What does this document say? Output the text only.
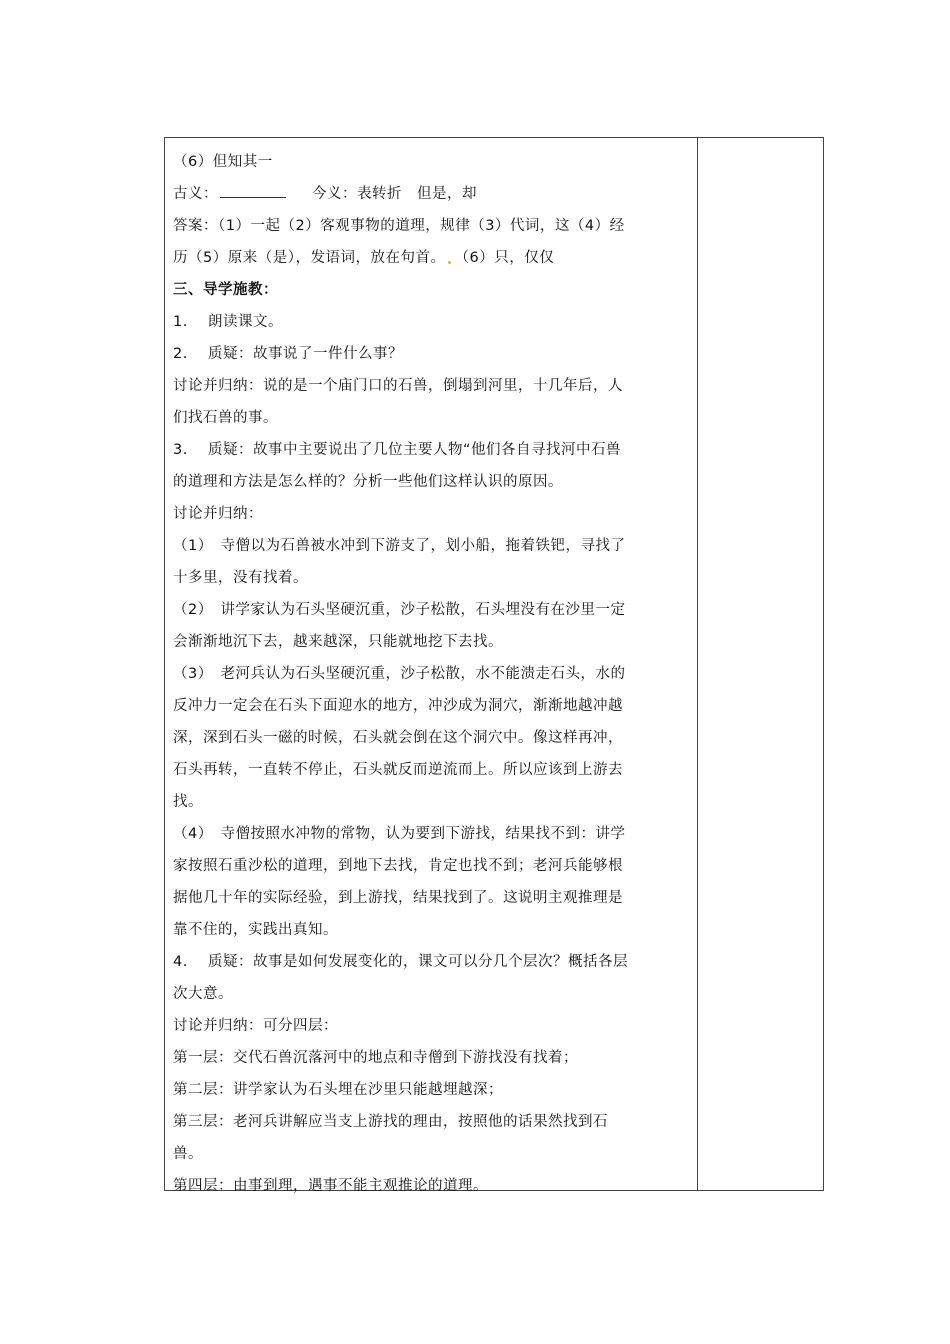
（6）但知其一
古义：	今义：表转折　但是，却
答案：（1）一起（2）客观事物的道理，规律（3）代词，这（4）经
历（5）原来（是），发语词，放在句首。 （6）只，仅仅
三、导学施教：
1.　 朗读课文。
2.　 质疑：故事说了一件什么事？
讨论并归纳：说的是一个庙门口的石兽，倒塌到河里，十几年后，人
们找石兽的事。
3.　 质疑：故事中主要说出了几位主要人物“他们各自寻找河中石兽
的道理和方法是怎么样的？分析一些他们这样认识的原因。
讨论并归纳：
（1）　寺僧以为石兽被水冲到下游支了，划小船，拖着铁钯，寻找了
十多里，没有找着。
（2）　讲学家认为石头坚硬沉重，沙子松散，石头埋没有在沙里一定
会渐渐地沉下去，越来越深，只能就地挖下去找。
（3）　老河兵认为石头坚硬沉重，沙子松散，水不能溃走石头，水的
反冲力一定会在石头下面迎水的地方，冲沙成为洞穴，渐渐地越冲越
深，深到石头一磁的时候，石头就会倒在这个洞穴中。像这样再冲，
石头再转，一直转不停止，石头就反而逆流而上。所以应该到上游去
找。
（4）　寺僧按照水冲物的常物，认为要到下游找，结果找不到：讲学
家按照石重沙松的道理，到地下去找，肯定也找不到；老河兵能够根
据他几十年的实际经验，到上游找，结果找到了。这说明主观推理是
靠不住的，实践出真知。
4.　 质疑：故事是如何发展变化的，课文可以分几个层次？概括各层
次大意。
讨论并归纳：可分四层：
第一层：交代石兽沉落河中的地点和寺僧到下游找没有找着；
第二层：讲学家认为石头埋在沙里只能越埋越深；
第三层：老河兵讲解应当支上游找的理由，按照他的话果然找到石
兽。
第四层：由事到理，遇事不能主观推论的道理。
